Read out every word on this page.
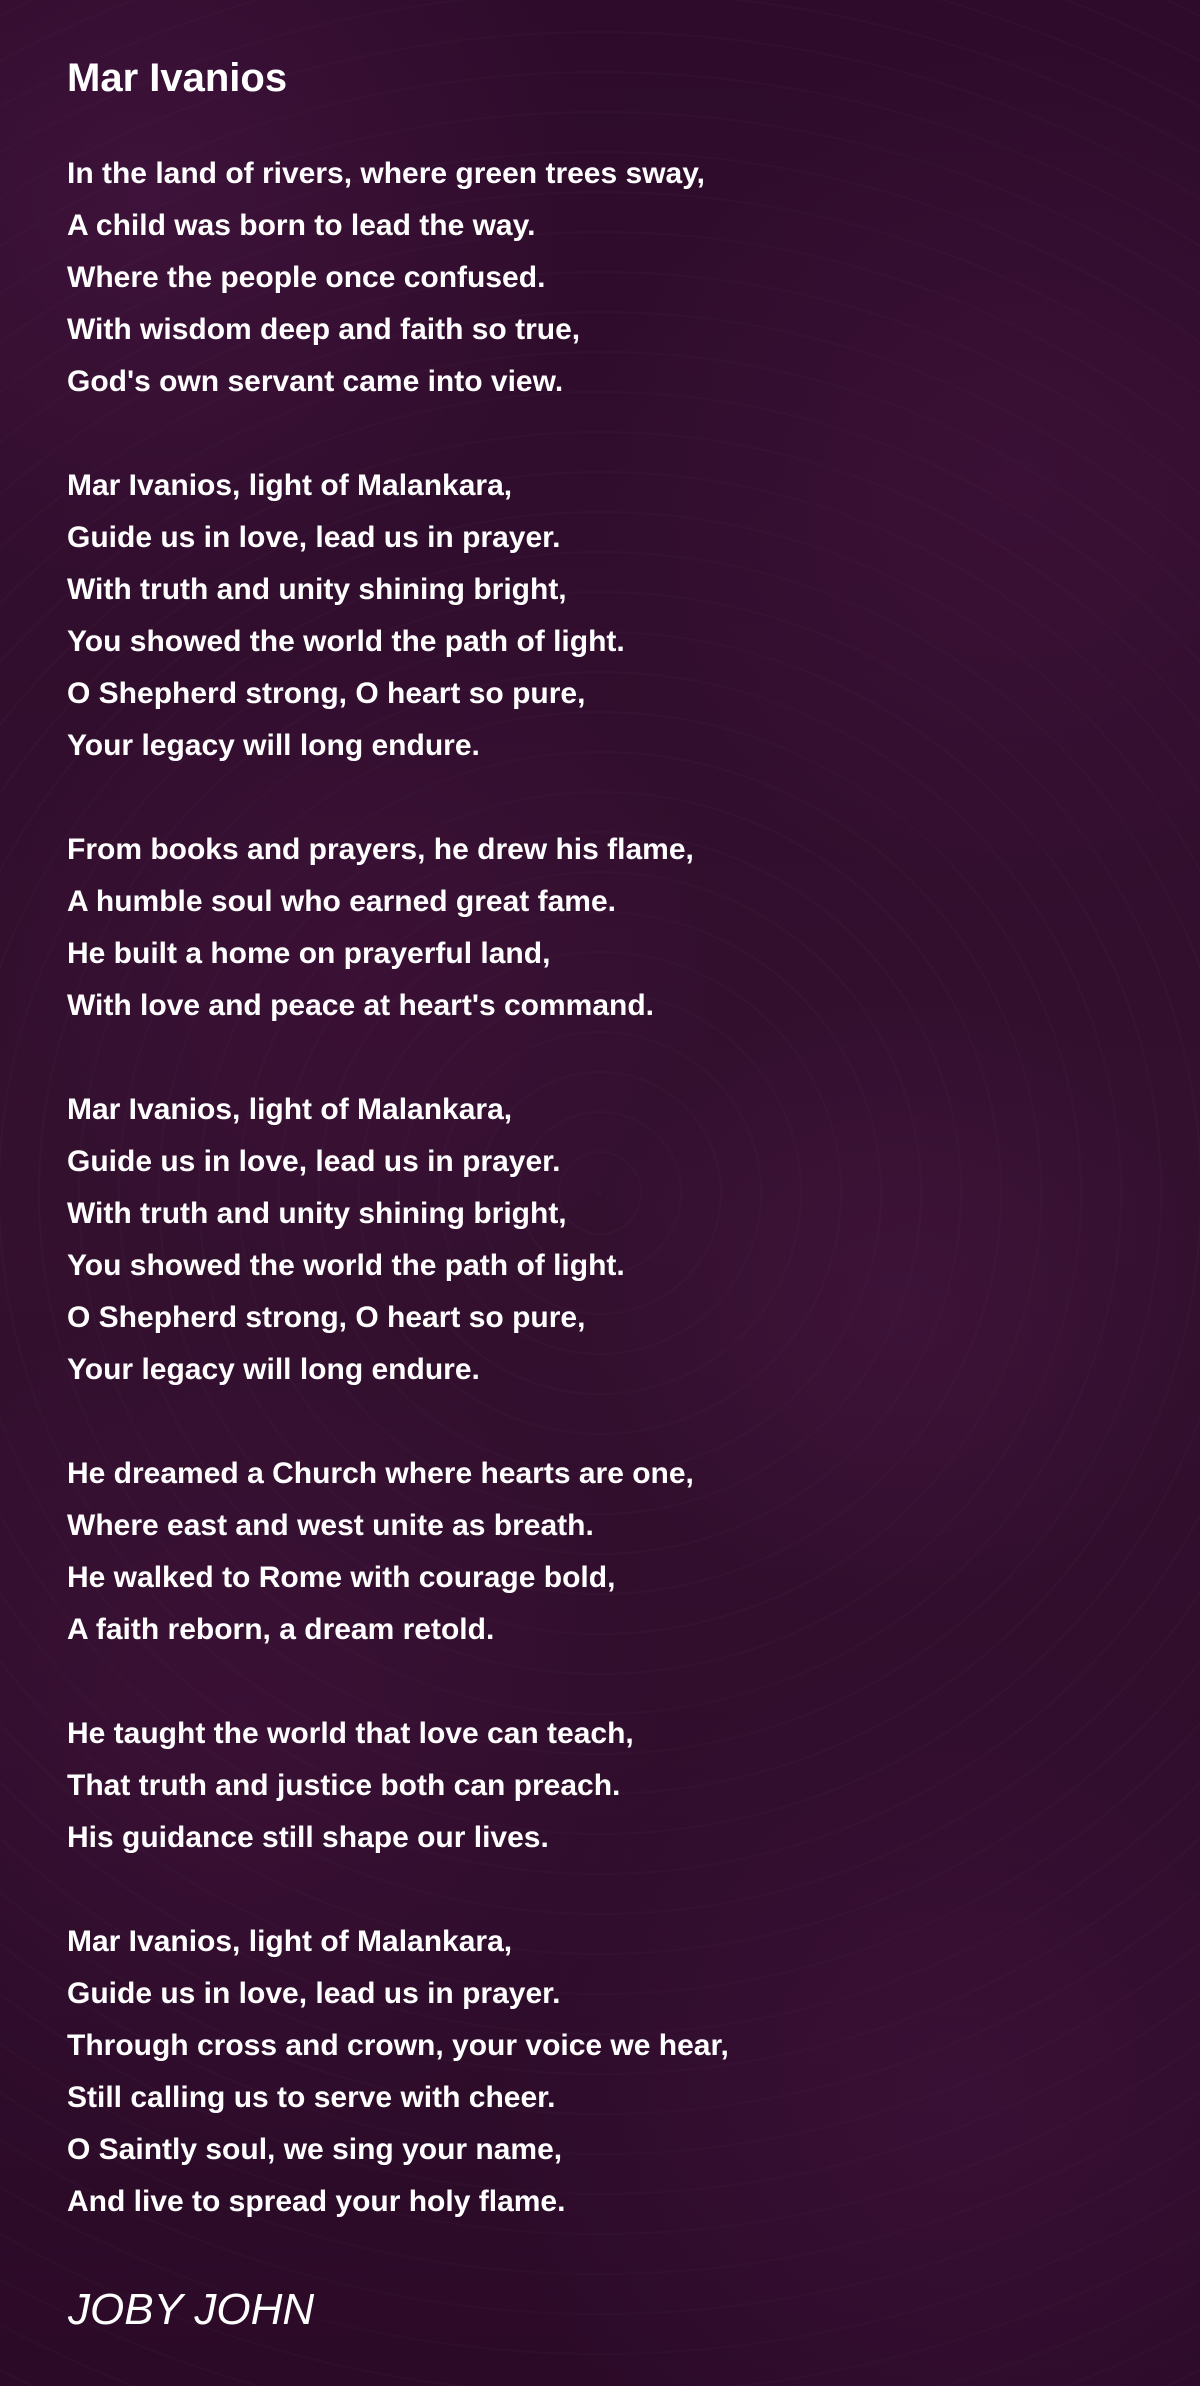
Mar Ivanios
In the land of rivers, where green trees sway,
A child was born to lead the way.
Where the people once confused.
With wisdom deep and faith so true,
God's own servant came into view.
Mar Ivanios, light of Malankara,
Guide us in love, lead us in prayer.
With truth and unity shining bright,
You showed the world the path of light.
O Shepherd strong, O heart so pure,
Your legacy will long endure.
From books and prayers, he drew his flame,
A humble soul who earned great fame.
He built a home on prayerful land,
With love and peace at heart's command.
Mar Ivanios, light of Malankara,
Guide us in love, lead us in prayer.
With truth and unity shining bright,
You showed the world the path of light.
O Shepherd strong, O heart so pure,
Your legacy will long endure.
He dreamed a Church where hearts are one,
Where east and west unite as breath.
He walked to Rome with courage bold,
A faith reborn, a dream retold.
He taught the world that love can teach,
That truth and justice both can preach.
His guidance still shape our lives.
Mar Ivanios, light of Malankara,
Guide us in love, lead us in prayer.
Through cross and crown, your voice we hear,
Still calling us to serve with cheer.
O Saintly soul, we sing your name,
And live to spread your holy flame.

JOBY JOHN
